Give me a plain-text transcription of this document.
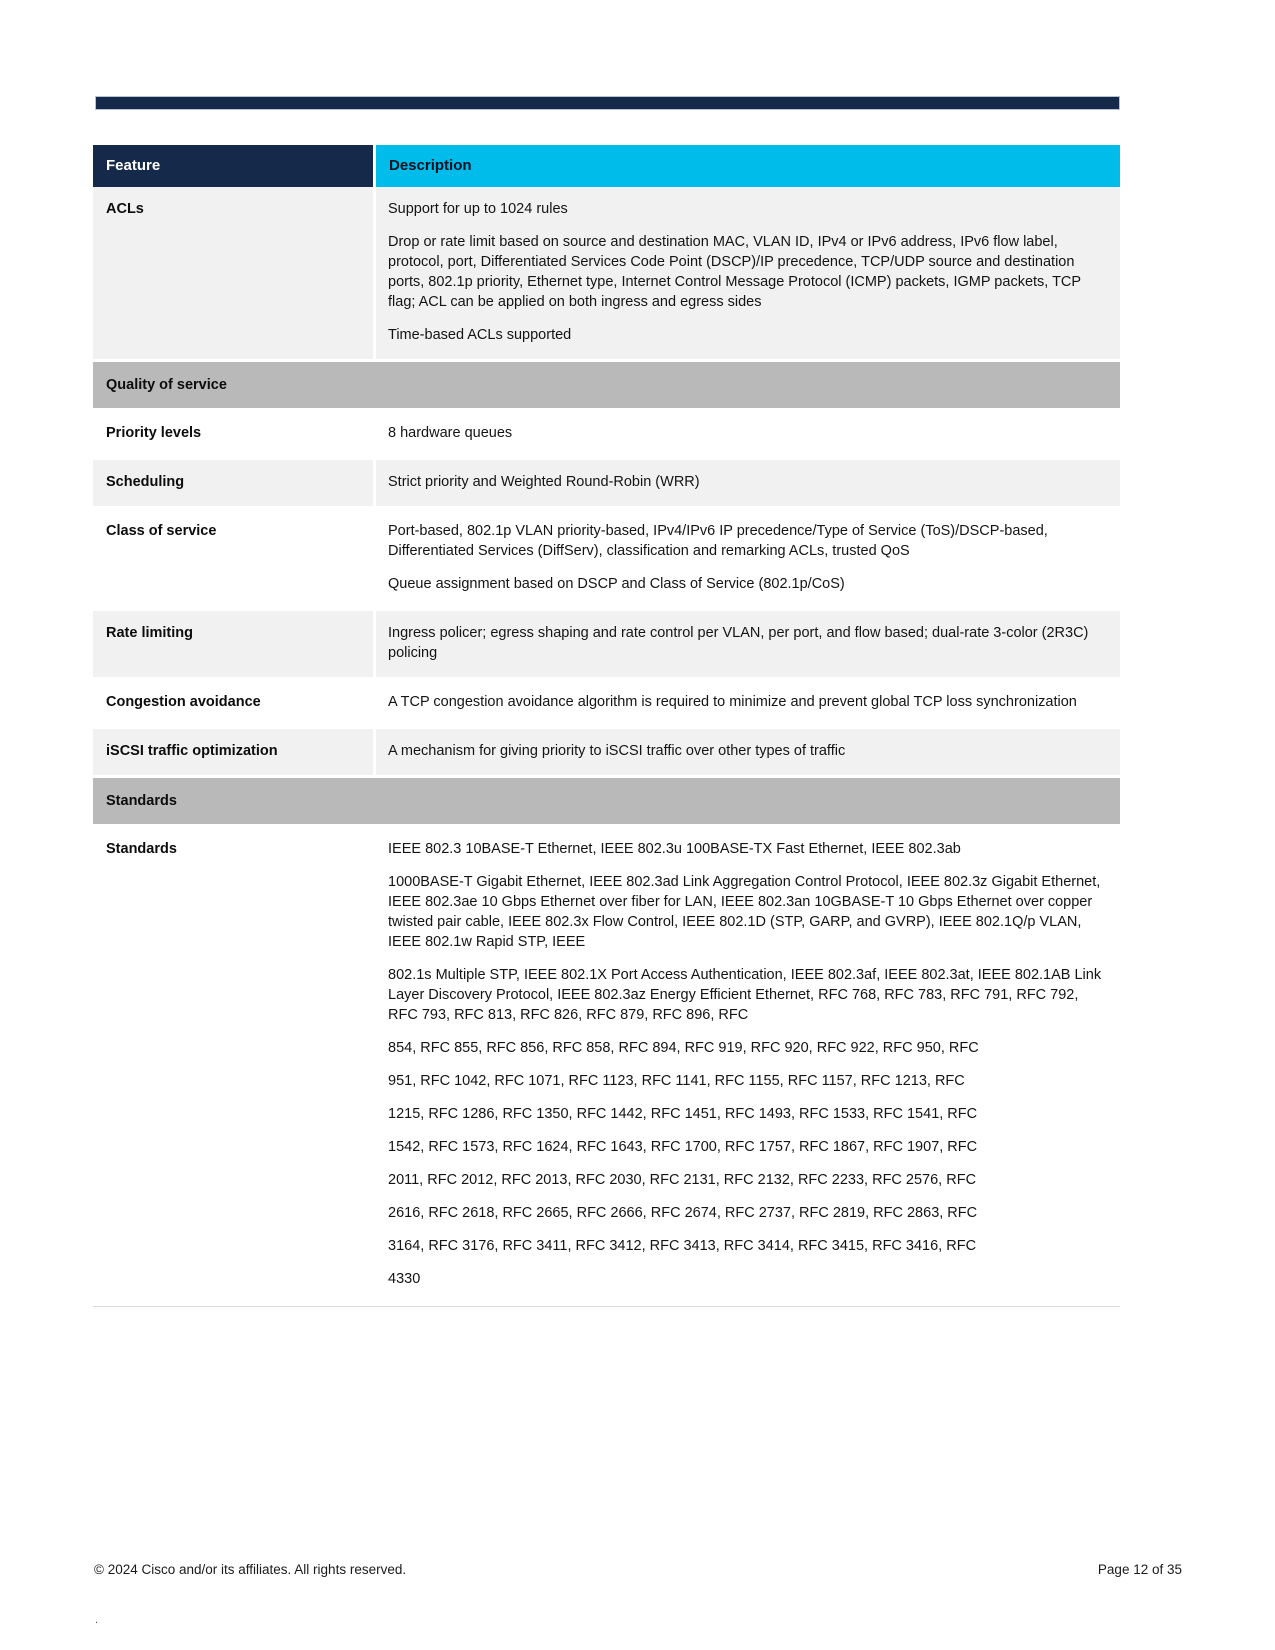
Feature	Description
ACLs	Support for up to 1024 rules

Drop or rate limit based on source and destination MAC, VLAN ID, IPv4 or IPv6 address, IPv6 flow label, protocol, port, Differentiated Services Code Point (DSCP)/IP precedence, TCP/UDP source and destination ports, 802.1p priority, Ethernet type, Internet Control Message Protocol (ICMP) packets, IGMP packets, TCP flag; ACL can be applied on both ingress and egress sides

Time-based ACLs supported

Quality of service
Priority levels	8 hardware queues

Scheduling	Strict priority and Weighted Round-Robin (WRR)

Class of service	Port-based, 802.1p VLAN priority-based, IPv4/IPv6 IP precedence/Type of Service (ToS)/DSCP-based, Differentiated Services (DiffServ), classification and remarking ACLs, trusted QoS

Queue assignment based on DSCP and Class of Service (802.1p/CoS)

Rate limiting	Ingress policer; egress shaping and rate control per VLAN, per port, and flow based; dual-rate 3-color (2R3C) policing

Congestion avoidance	A TCP congestion avoidance algorithm is required to minimize and prevent global TCP loss synchronization

iSCSI traffic optimization	A mechanism for giving priority to iSCSI traffic over other types of traffic

Standards
Standards	IEEE 802.3 10BASE-T Ethernet, IEEE 802.3u 100BASE-TX Fast Ethernet, IEEE 802.3ab

1000BASE-T Gigabit Ethernet, IEEE 802.3ad Link Aggregation Control Protocol, IEEE 802.3z Gigabit Ethernet, IEEE 802.3ae 10 Gbps Ethernet over fiber for LAN, IEEE 802.3an 10GBASE-T 10 Gbps Ethernet over copper twisted pair cable, IEEE 802.3x Flow Control, IEEE 802.1D (STP, GARP, and GVRP), IEEE 802.1Q/p VLAN, IEEE 802.1w Rapid STP, IEEE

802.1s Multiple STP, IEEE 802.1X Port Access Authentication, IEEE 802.3af, IEEE 802.3at, IEEE 802.1AB Link Layer Discovery Protocol, IEEE 802.3az Energy Efficient Ethernet, RFC 768, RFC 783, RFC 791, RFC 792, RFC 793, RFC 813, RFC 826, RFC 879, RFC 896, RFC

854, RFC 855, RFC 856, RFC 858, RFC 894, RFC 919, RFC 920, RFC 922, RFC 950, RFC

951, RFC 1042, RFC 1071, RFC 1123, RFC 1141, RFC 1155, RFC 1157, RFC 1213, RFC

1215, RFC 1286, RFC 1350, RFC 1442, RFC 1451, RFC 1493, RFC 1533, RFC 1541, RFC

1542, RFC 1573, RFC 1624, RFC 1643, RFC 1700, RFC 1757, RFC 1867, RFC 1907, RFC

2011, RFC 2012, RFC 2013, RFC 2030, RFC 2131, RFC 2132, RFC 2233, RFC 2576, RFC

2616, RFC 2618, RFC 2665, RFC 2666, RFC 2674, RFC 2737, RFC 2819, RFC 2863, RFC

3164, RFC 3176, RFC 3411, RFC 3412, RFC 3413, RFC 3414, RFC 3415, RFC 3416, RFC

4330

© 2024 Cisco and/or its affiliates. All rights reserved.	Page 12 of 35
.
